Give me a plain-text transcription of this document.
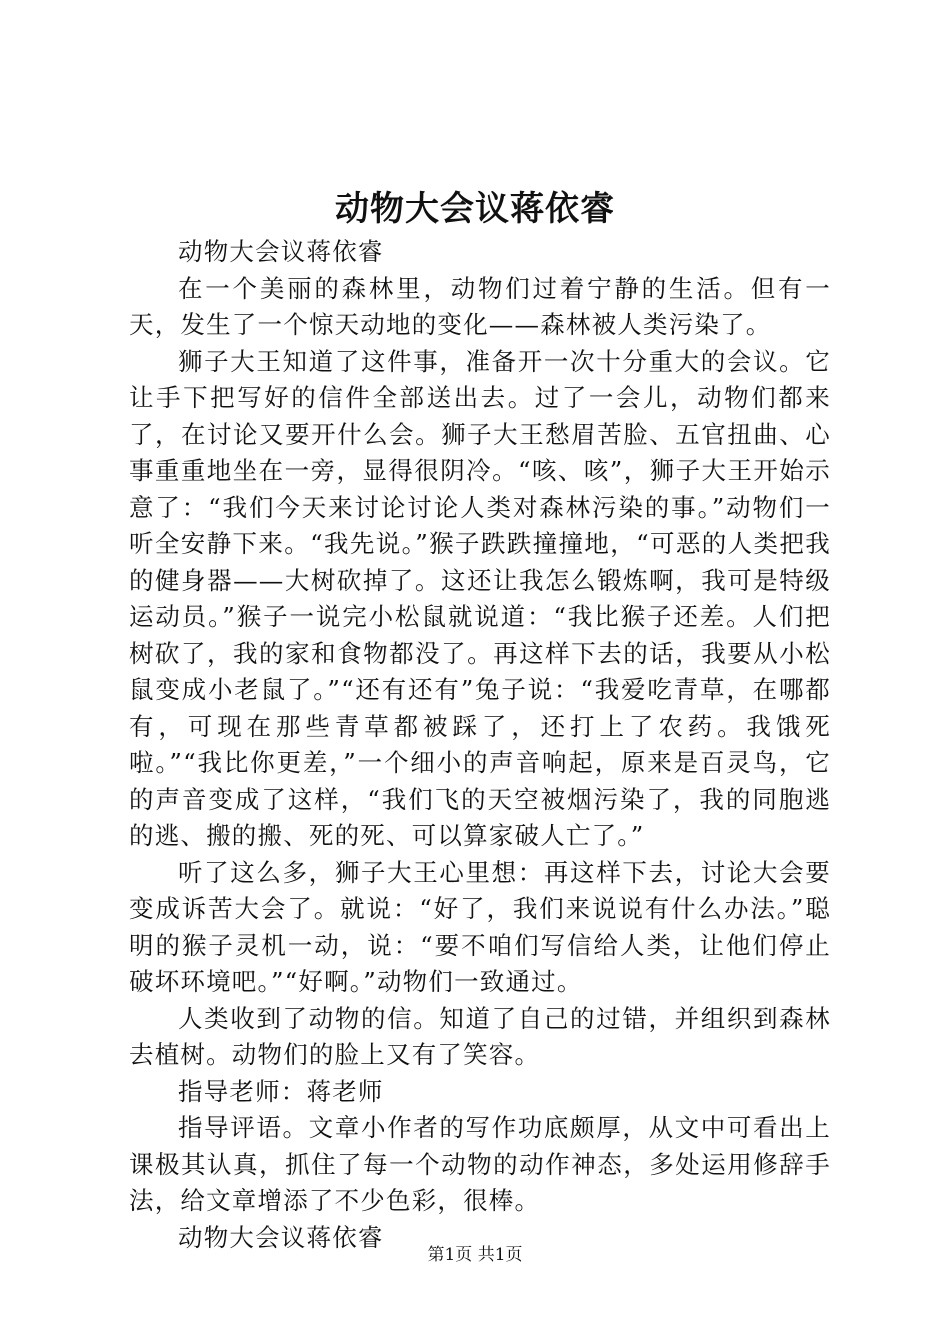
动物大会议蒋依睿

动物大会议蒋依睿

在一个美丽的森林里，动物们过着宁静的生活。但有一天，发生了一个惊天动地的变化——森林被人类污染了。

狮子大王知道了这件事，准备开一次十分重大的会议。它让手下把写好的信件全部送出去。过了一会儿，动物们都来了，在讨论又要开什么会。狮子大王愁眉苦脸、五官扭曲、心事重重地坐在一旁，显得很阴冷。“咳、咳”，狮子大王开始示意了：“我们今天来讨论讨论人类对森林污染的事。”动物们一听全安静下来。“我先说。”猴子跌跌撞撞地，“可恶的人类把我的健身器——大树砍掉了。这还让我怎么锻炼啊，我可是特级运动员。”猴子一说完小松鼠就说道：“我比猴子还差。人们把树砍了，我的家和食物都没了。再这样下去的话，我要从小松鼠变成小老鼠了。”“还有还有”兔子说：“我爱吃青草，在哪都有，可现在那些青草都被踩了，还打上了农药。我饿死啦。”“我比你更差，”一个细小的声音响起，原来是百灵鸟，它的声音变成了这样，“我们飞的天空被烟污染了，我的同胞逃的逃、搬的搬、死的死、可以算家破人亡了。”

听了这么多，狮子大王心里想：再这样下去，讨论大会要变成诉苦大会了。就说：“好了，我们来说说有什么办法。”聪明的猴子灵机一动，说：“要不咱们写信给人类，让他们停止破坏环境吧。”“好啊。”动物们一致通过。

人类收到了动物的信。知道了自己的过错，并组织到森林去植树。动物们的脸上又有了笑容。

指导老师：蒋老师

指导评语。文章小作者的写作功底颇厚，从文中可看出上课极其认真，抓住了每一个动物的动作神态，多处运用修辞手法，给文章增添了不少色彩，很棒。

动物大会议蒋依睿

第1页 共1页
